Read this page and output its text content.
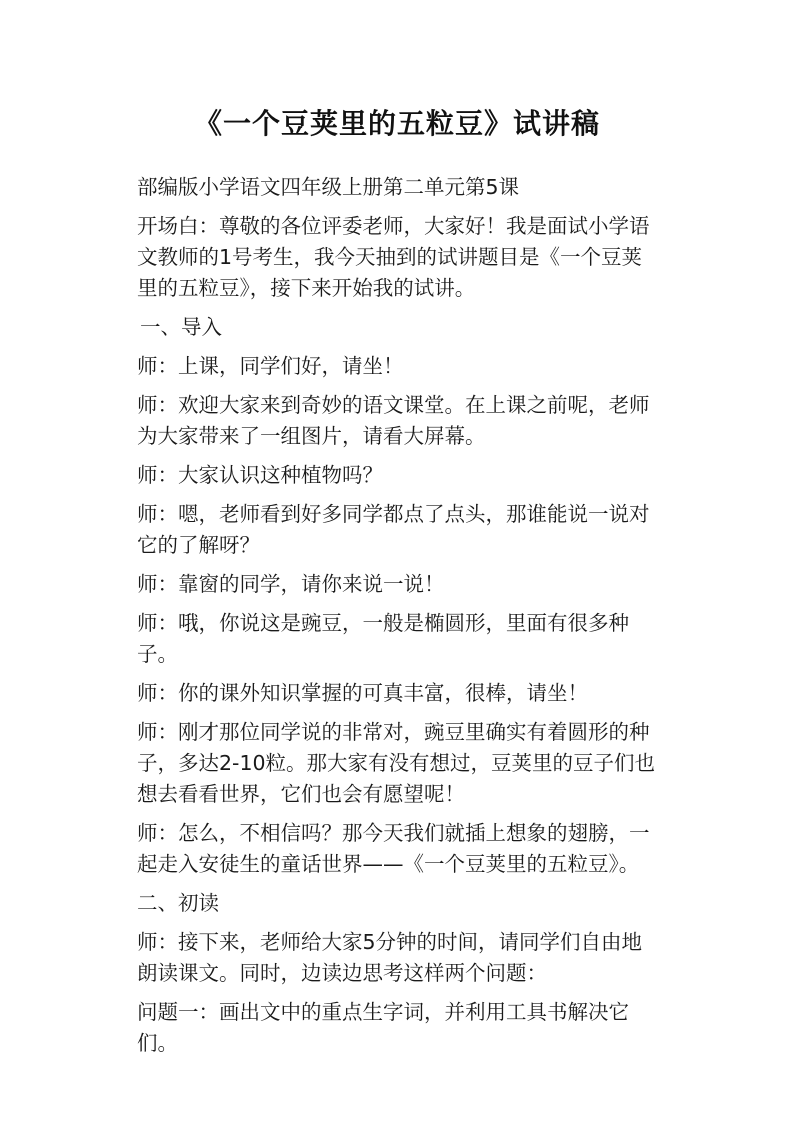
《一个豆荚里的五粒豆》试讲稿
部编版小学语文四年级上册第二单元第5课
开场白：尊敬的各位评委老师，大家好！我是面试小学语
文教师的1号考生，我今天抽到的试讲题目是《一个豆荚
里的五粒豆》，接下来开始我的试讲。
一、导入
师：上课，同学们好，请坐！
师：欢迎大家来到奇妙的语文课堂。在上课之前呢，老师
为大家带来了一组图片，请看大屏幕。
师：大家认识这种植物吗？
师：嗯，老师看到好多同学都点了点头，那谁能说一说对
它的了解呀？
师：靠窗的同学，请你来说一说！
师：哦，你说这是豌豆，一般是椭圆形，里面有很多种
子。
师：你的课外知识掌握的可真丰富，很棒，请坐！
师：刚才那位同学说的非常对，豌豆里确实有着圆形的种
子，多达2-10粒。那大家有没有想过，豆荚里的豆子们也
想去看看世界，它们也会有愿望呢！
师：怎么，不相信吗？那今天我们就插上想象的翅膀，一
起走入安徒生的童话世界——《一个豆荚里的五粒豆》。
二、初读
师：接下来，老师给大家5分钟的时间，请同学们自由地
朗读课文。同时，边读边思考这样两个问题：
问题一：画出文中的重点生字词，并利用工具书解决它
们。
